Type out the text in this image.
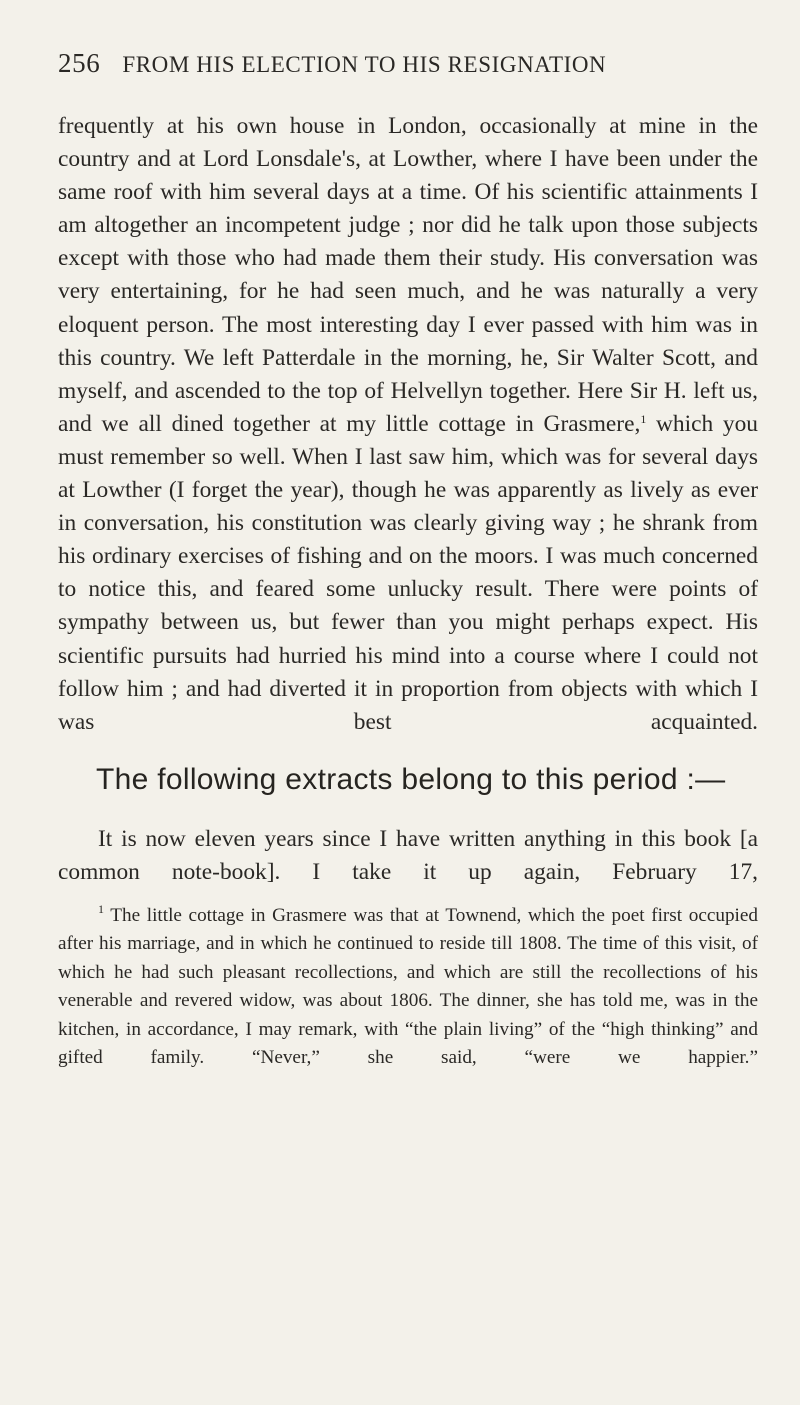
256 FROM HIS ELECTION TO HIS RESIGNATION

frequently at his own house in London, occasionally at mine in the country and at Lord Lonsdale's, at Lowther, where I have been under the same roof with him several days at a time. Of his scientific attainments I am altogether an incompetent judge ; nor did he talk upon those subjects except with those who had made them their study. His conversation was very entertaining, for he had seen much, and he was naturally a very eloquent person. The most interesting day I ever passed with him was in this country. We left Patterdale in the morning, he, Sir Walter Scott, and myself, and ascended to the top of Helvellyn together. Here Sir H. left us, and we all dined together at my little cottage in Grasmere,$^1$ which you must remember so well. When I last saw him, which was for several days at Lowther (I forget the year), though he was apparently as lively as ever in conversation, his constitution was clearly giving way ; he shrank from his ordinary exercises of fishing and on the moors. I was much concerned to notice this, and feared some unlucky result. There were points of sympathy between us, but fewer than you might perhaps expect. His scientific pursuits had hurried his mind into a course where I could not follow him ; and had diverted it in proportion from objects with which I was best acquainted.

The following extracts belong to this period :—

It is now eleven years since I have written anything in this book [a common note-book]. I take it up again, February 17,

$^1$ The little cottage in Grasmere was that at Townend, which the poet first occupied after his marriage, and in which he continued to reside till 1808. The time of this visit, of which he had such pleasant recollections, and which are still the recollections of his venerable and revered widow, was about 1806. The dinner, she has told me, was in the kitchen, in accordance, I may remark, with “the plain living” of the “high thinking” and gifted family. “Never,” she said, “were we happier.”
